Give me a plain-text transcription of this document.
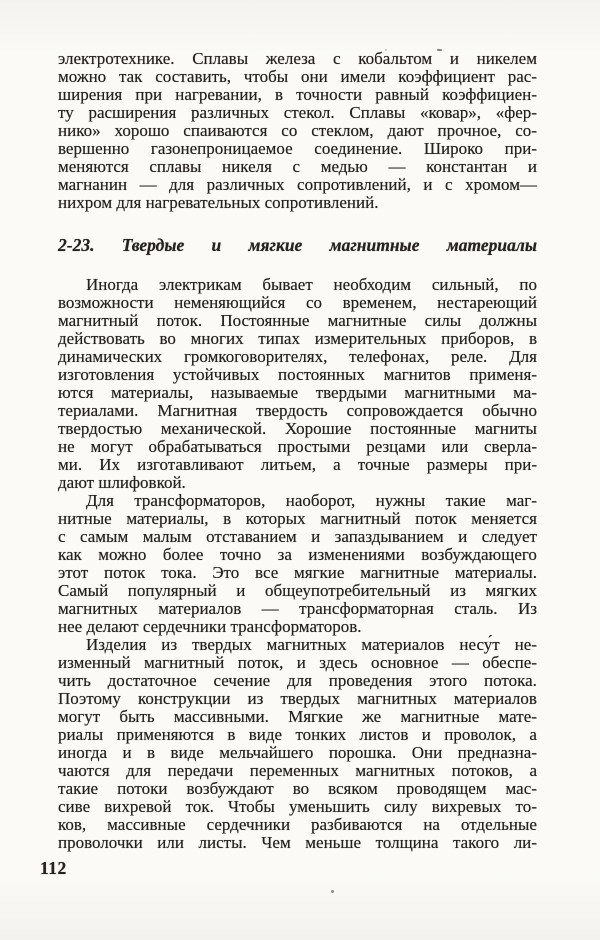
электротехнике. Сплавы железа с кобальтом и никелем
можно так составить, чтобы они имели коэффициент рас-
ширения при нагревании, в точности равный коэффициен-
ту расширения различных стекол. Сплавы «ковар», «фер-
нико» хорошо спаиваются со стеклом, дают прочное, со-
вершенно газонепроницаемое соединение. Широко при-
меняются сплавы никеля с медью — константан и
магнанин — для различных сопротивлений, и с хромом—
нихром для нагревательных сопротивлений.
2-23. Твердые и мягкие магнитные материалы
Иногда электрикам бывает необходим сильный, по
возможности неменяющийся со временем, нестареющий
магнитный поток. Постоянные магнитные силы должны
действовать во многих типах измерительных приборов, в
динамических громкоговорителях, телефонах, реле. Для
изготовления устойчивых постоянных магнитов применя-
ются материалы, называемые твердыми магнитными ма-
териалами. Магнитная твердость сопровождается обычно
твердостью механической. Хорошие постоянные магниты
не могут обрабатываться простыми резцами или сверла-
ми. Их изготавливают литьем, а точные размеры при-
дают шлифовкой.
Для трансформаторов, наоборот, нужны такие маг-
нитные материалы, в которых магнитный поток меняется
с самым малым отставанием и запаздыванием и следует
как можно более точно за изменениями возбуждающего
этот поток тока. Это все мягкие магнитные материалы.
Самый популярный и общеупотребительный из мягких
магнитных материалов — трансформаторная сталь. Из
нее делают сердечники трансформаторов.
Изделия из твердых магнитных материалов несу́т не-
изменный магнитный поток, и здесь основное — обеспе-
чить достаточное сечение для проведения этого потока.
Поэтому конструкции из твердых магнитных материалов
могут быть массивными. Мягкие же магнитные мате-
риалы применяются в виде тонких листов и проволок, а
иногда и в виде мельчайшего порошка. Они предназна-
чаются для передачи переменных магнитных потоков, а
такие потоки возбуждают во всяком проводящем мас-
сиве вихревой ток. Чтобы уменьшить силу вихревых то-
ков, массивные сердечники разбиваются на отдельные
проволочки или листы. Чем меньше толщина такого ли-
112
